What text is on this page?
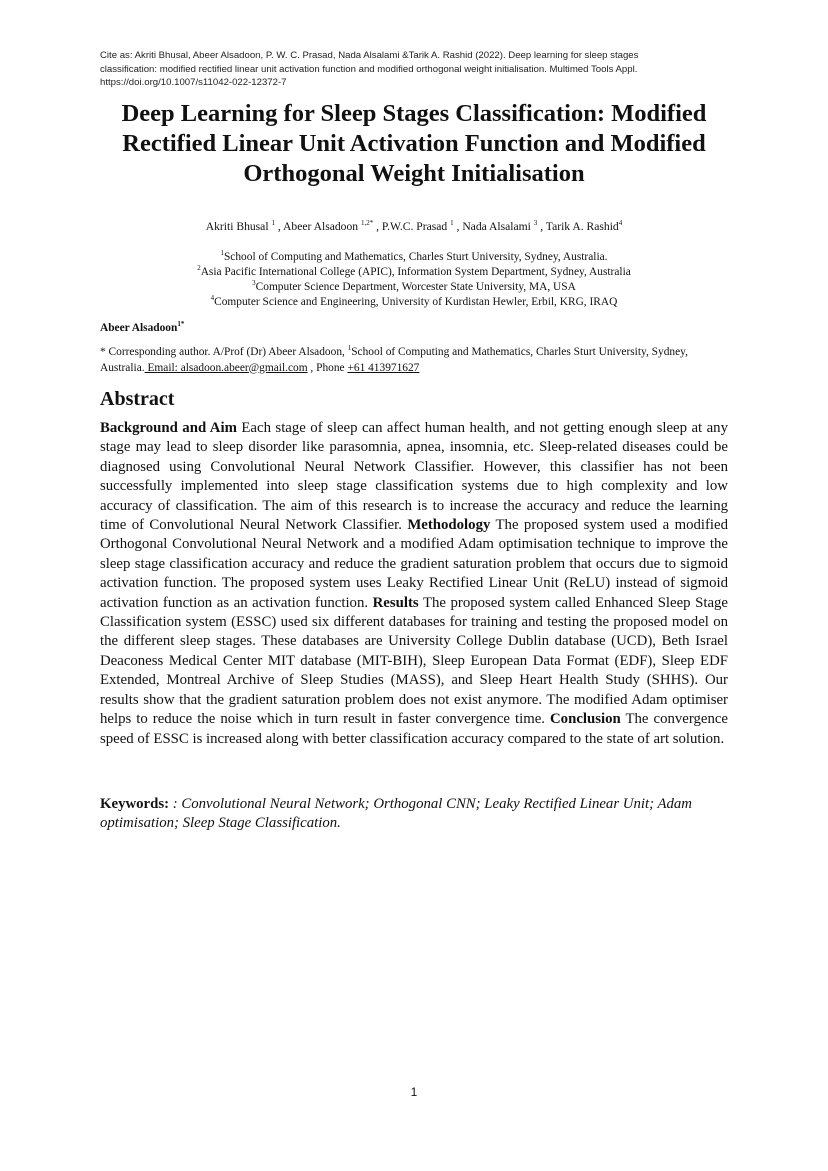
Cite as: Akriti Bhusal, Abeer Alsadoon, P. W. C. Prasad, Nada Alsalami &Tarik A. Rashid (2022). Deep learning for sleep stages
classification: modified rectified linear unit activation function and modified orthogonal weight initialisation. Multimed Tools Appl.
https://doi.org/10.1007/s11042-022-12372-7
Deep Learning for Sleep Stages Classification: Modified
Rectified Linear Unit Activation Function and Modified
Orthogonal Weight Initialisation
Akriti Bhusal $^1$ , Abeer Alsadoon $^{1,2*}$ , P.W.C. Prasad $^1$ , Nada Alsalami $^3$ , Tarik A. Rashid$^4$
$^1$School of Computing and Mathematics, Charles Sturt University, Sydney, Australia.
$^2$Asia Pacific International College (APIC), Information System Department, Sydney, Australia
$^3$Computer Science Department, Worcester State University, MA, USA
$^4$Computer Science and Engineering, University of Kurdistan Hewler, Erbil, KRG, IRAQ
Abeer Alsadoon$^{1*}$
* Corresponding author. A/Prof (Dr) Abeer Alsadoon, $^1$School of Computing and Mathematics, Charles Sturt University, Sydney, Australia. Email: alsadoon.abeer@gmail.com , Phone +61 413971627
Abstract
Background and Aim Each stage of sleep can affect human health, and not getting enough sleep at any stage may lead to sleep disorder like parasomnia, apnea, insomnia, etc. Sleep-related diseases could be diagnosed using Convolutional Neural Network Classifier. However, this classifier has not been successfully implemented into sleep stage classification systems due to high complexity and low accuracy of classification. The aim of this research is to increase the accuracy and reduce the learning time of Convolutional Neural Network Classifier. Methodology The proposed system used a modified Orthogonal Convolutional Neural Network and a modified Adam optimisation technique to improve the sleep stage classification accuracy and reduce the gradient saturation problem that occurs due to sigmoid activation function. The proposed system uses Leaky Rectified Linear Unit (ReLU) instead of sigmoid activation function as an activation function. Results The proposed system called Enhanced Sleep Stage Classification system (ESSC) used six different databases for training and testing the proposed model on the different sleep stages. These databases are University College Dublin database (UCD), Beth Israel Deaconess Medical Center MIT database (MIT-BIH), Sleep European Data Format (EDF), Sleep EDF Extended, Montreal Archive of Sleep Studies (MASS), and Sleep Heart Health Study (SHHS). Our results show that the gradient saturation problem does not exist anymore. The modified Adam optimiser helps to reduce the noise which in turn result in faster convergence time. Conclusion The convergence speed of ESSC is increased along with better classification accuracy compared to the state of art solution.
Keywords: : Convolutional Neural Network; Orthogonal CNN; Leaky Rectified Linear Unit; Adam optimisation; Sleep Stage Classification.
1
